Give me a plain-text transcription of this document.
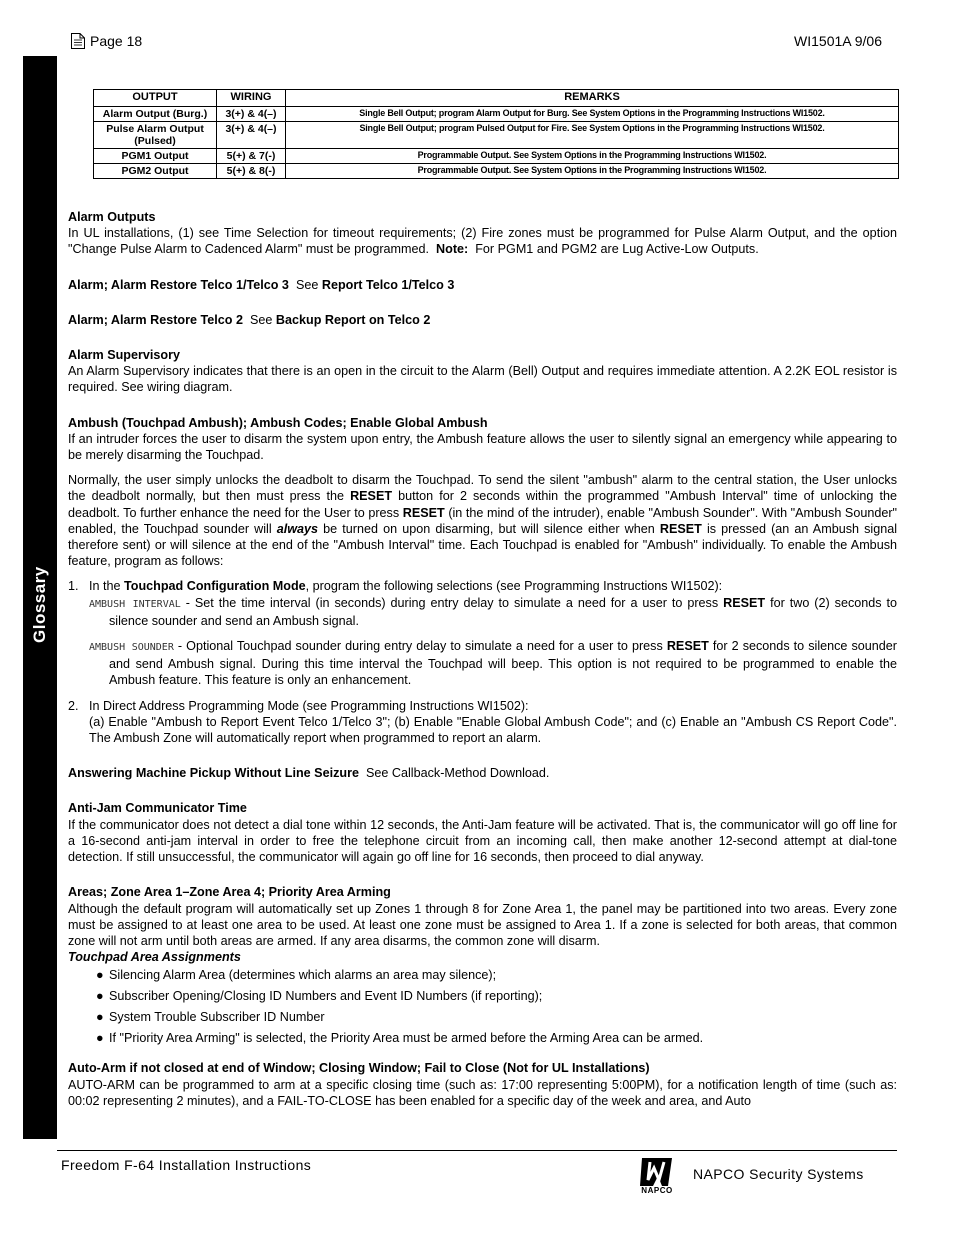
Page 18	WI1501A 9/06
Glossary
OUTPUT	WIRING	REMARKS
Alarm Output (Burg.)	3(+) & 4(–)	Single Bell Output; program Alarm Output for Burg. See System Options in the Programming Instructions WI1502.
Pulse Alarm Output
(Pulsed)	3(+) & 4(–)	Single Bell Output; program Pulsed Output for Fire. See System Options in the Programming Instructions WI1502.
PGM1 Output	5(+) & 7(-)	Programmable Output. See System Options in the Programming Instructions WI1502.
PGM2 Output	5(+) & 8(-)	Programmable Output. See System Options in the Programming Instructions WI1502.

Alarm Outputs

In UL installations, (1) see Time Selection for timeout requirements; (2) Fire zones must be programmed for Pulse Alarm Output, and the option "Change Pulse Alarm to Cadenced Alarm" must be programmed. Note: For PGM1 and PGM2 are Lug Active-Low Outputs.

Alarm; Alarm Restore Telco 1/Telco 3 See Report Telco 1/Telco 3

Alarm; Alarm Restore Telco 2 See Backup Report on Telco 2

Alarm Supervisory

An Alarm Supervisory indicates that there is an open in the circuit to the Alarm (Bell) Output and requires immediate attention. A 2.2K EOL resistor is required. See wiring diagram.

Ambush (Touchpad Ambush); Ambush Codes; Enable Global Ambush

If an intruder forces the user to disarm the system upon entry, the Ambush feature allows the user to silently signal an emergency while appearing to be merely disarming the Touchpad.

Normally, the user simply unlocks the deadbolt to disarm the Touchpad. To send the silent "ambush" alarm to the central station, the User unlocks the deadbolt normally, but then must press the RESET button for 2 seconds within the programmed "Ambush Interval" time of unlocking the deadbolt. To further enhance the need for the User to press RESET (in the mind of the intruder), enable "Ambush Sounder". With "Ambush Sounder" enabled, the Touchpad sounder will always be turned on upon disarming, but will silence either when RESET is pressed (an an Ambush signal therefore sent) or will silence at the end of the "Ambush Interval" time. Each Touchpad is enabled for "Ambush" individually. To enable the Ambush feature, program as follows:

1. In the Touchpad Configuration Mode, program the following selections (see Programming Instructions WI1502):

AMBUSH INTERVAL - Set the time interval (in seconds) during entry delay to simulate a need for a user to press RESET for two (2) seconds to silence sounder and send an Ambush signal.

AMBUSH SOUNDER - Optional Touchpad sounder during entry delay to simulate a need for a user to press RESET for 2 seconds to silence sounder and send Ambush signal. During this time interval the Touchpad will beep. This option is not required to be programmed to enable the Ambush feature. This feature is only an enhancement.

2. In Direct Address Programming Mode (see Programming Instructions WI1502):

(a) Enable "Ambush to Report Event Telco 1/Telco 3"; (b) Enable "Enable Global Ambush Code"; and (c) Enable an "Ambush CS Report Code". The Ambush Zone will automatically report when programmed to report an alarm.

Answering Machine Pickup Without Line Seizure See Callback-Method Download.

Anti-Jam Communicator Time

If the communicator does not detect a dial tone within 12 seconds, the Anti-Jam feature will be activated. That is, the communicator will go off line for a 16-second anti-jam interval in order to free the telephone circuit from an incoming call, then make another 12-second attempt at dial-tone detection. If still unsuccessful, the communicator will again go off line for 16 seconds, then proceed to dial anyway.

Areas; Zone Area 1–Zone Area 4; Priority Area Arming

Although the default program will automatically set up Zones 1 through 8 for Zone Area 1, the panel may be partitioned into two areas. Every zone must be assigned to at least one area to be used. At least one zone must be assigned to Area 1. If a zone is selected for both areas, that common zone will not arm until both areas are armed. If any area disarms, the common zone will disarm.

Touchpad Area Assignments

● Silencing Alarm Area (determines which alarms an area may silence);
● Subscriber Opening/Closing ID Numbers and Event ID Numbers (if reporting);
● System Trouble Subscriber ID Number
● If "Priority Area Arming" is selected, the Priority Area must be armed before the Arming Area can be armed.

Auto-Arm if not closed at end of Window; Closing Window; Fail to Close (Not for UL Installations)

AUTO-ARM can be programmed to arm at a specific closing time (such as: 17:00 representing 5:00PM), for a notification length of time (such as: 00:02 representing 2 minutes), and a FAIL-TO-CLOSE has been enabled for a specific day of the week and area, and Auto

Freedom F-64 Installation Instructions
NAPCO
NAPCO Security Systems
